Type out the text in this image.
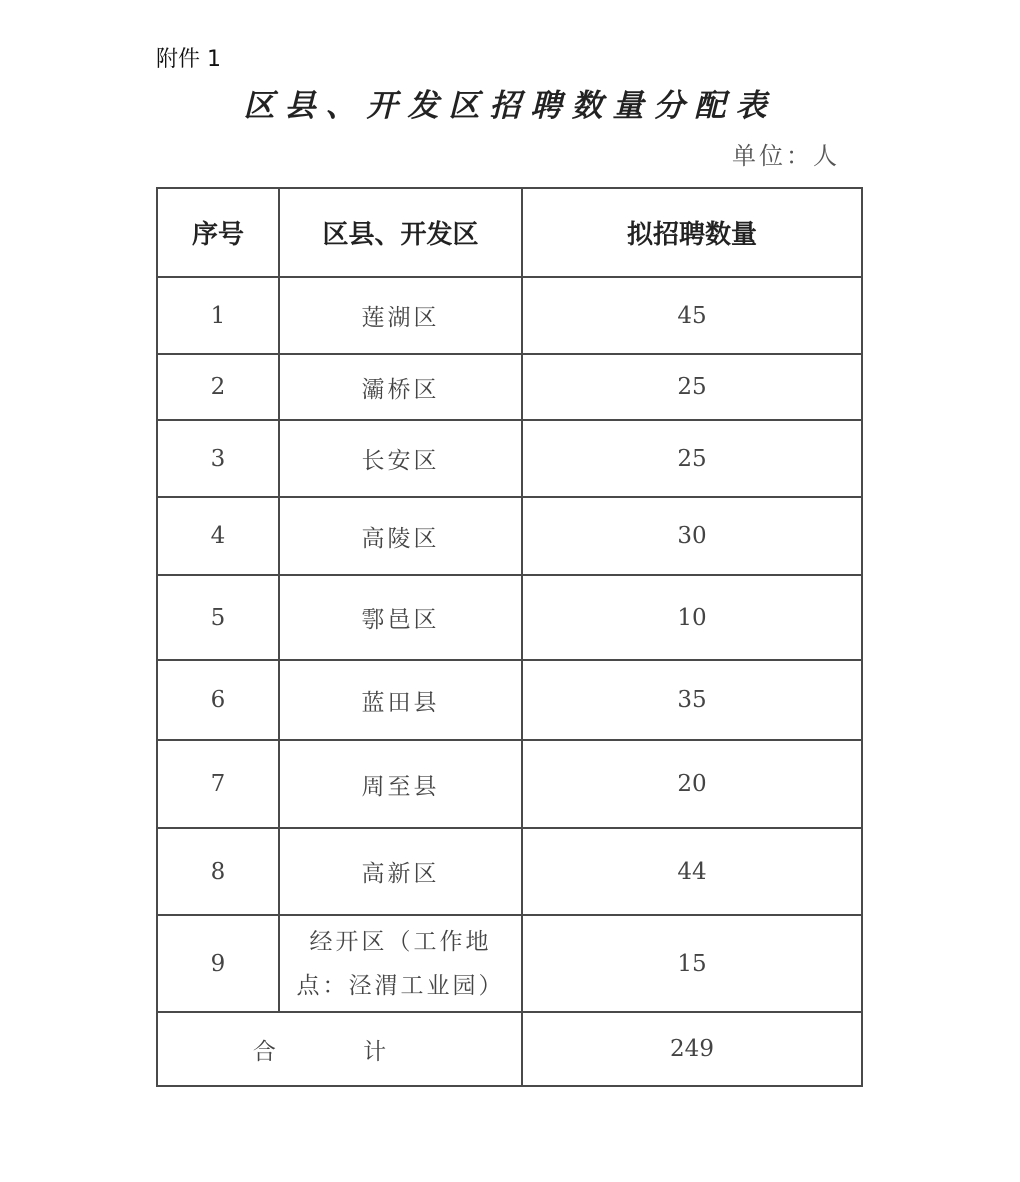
附件 1
区县、开发区招聘数量分配表
单位：人
序号	区县、开发区	拟招聘数量
1	莲湖区	45
2	灞桥区	25
3	长安区	25
4	高陵区	30
5	鄠邑区	10
6	蓝田县	35
7	周至县	20
8	高新区	44
9	经开区（工作地点：泾渭工业园）	15
合 计		249
